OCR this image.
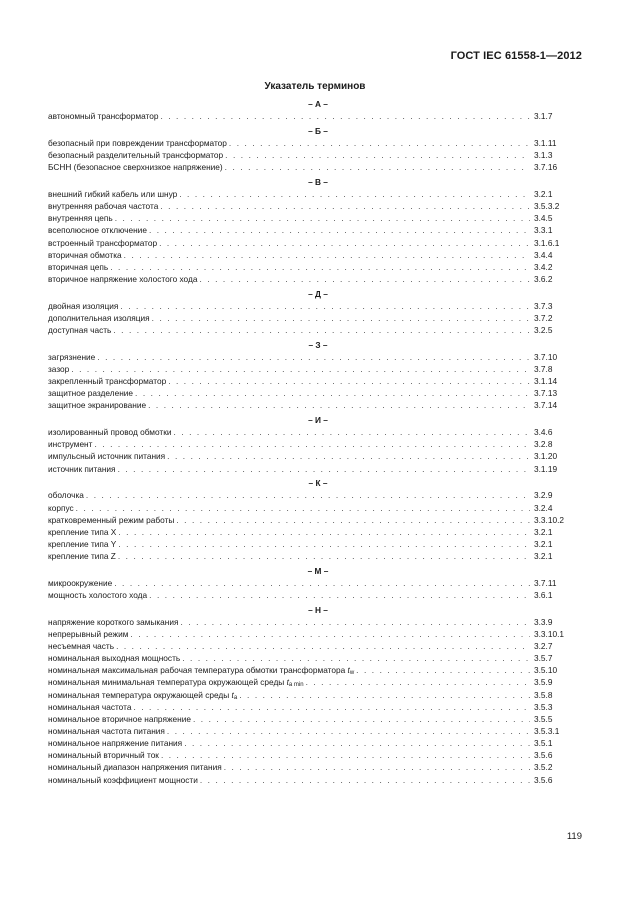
ГОСТ IEC 61558-1—2012
Указатель терминов
– А –
автономный трансформатор . . .	3.1.7
– Б –
безопасный при повреждении трансформатор . . .	3.1.11
безопасный разделительный трансформатор . . .	3.1.3
БСНН (безопасное сверхнизкое напряжение) . . .	3.7.16
– В –
внешний гибкий кабель или шнур . . .	3.2.1
внутренняя рабочая частота . . .	3.5.3.2
внутренняя цепь . . .	3.4.5
всеполюсное отключение . . .	3.3.1
встроенный трансформатор . . .	3.1.6.1
вторичная обмотка . . .	3.4.4
вторичная цепь . . .	3.4.2
вторичное напряжение холостого хода . . .	3.6.2
– Д –
двойная изоляция . . .	3.7.3
дополнительная изоляция . . .	3.7.2
доступная часть . . .	3.2.5
– З –
загрязнение . . .	3.7.10
зазор . . .	3.7.8
закрепленный трансформатор . . .	3.1.14
защитное разделение . . .	3.7.13
защитное экранирование . . .	3.7.14
– И –
изолированный провод обмотки . . .	3.4.6
инструмент . . .	3.2.8
импульсный источник питания . . .	3.1.20
источник питания . . .	3.1.19
– К –
оболочка . . .	3.2.9
корпус . . .	3.2.4
кратковременный режим работы . . .	3.3.10.2
крепление типа X . . .	3.2.1
крепление типа Y . . .	3.2.1
крепление типа Z . . .	3.2.1
– М –
микроокружение . . .	3.7.11
мощность холостого хода . . .	3.6.1
– Н –
напряжение короткого замыкания . . .	3.3.9
непрерывный режим . . .	3.3.10.1
несъемная часть . . .	3.2.7
номинальная выходная мощность . . .	3.5.7
номинальная максимальная рабочая температура обмотки трансформатора $t_w$ . . .	3.5.10
номинальная минимальная температура окружающей среды $t_{a min}$ . . .	3.5.9
номинальная температура окружающей среды $t_a$ . . .	3.5.8
номинальная частота . . .	3.5.3
номинальное вторичное напряжение . . .	3.5.5
номинальная частота питания . . .	3.5.3.1
номинальное напряжение питания . . .	3.5.1
номинальный вторичный ток . . .	3.5.6
номинальный диапазон напряжения питания . . .	3.5.2
номинальный коэффициент мощности . . .	3.5.6
119
